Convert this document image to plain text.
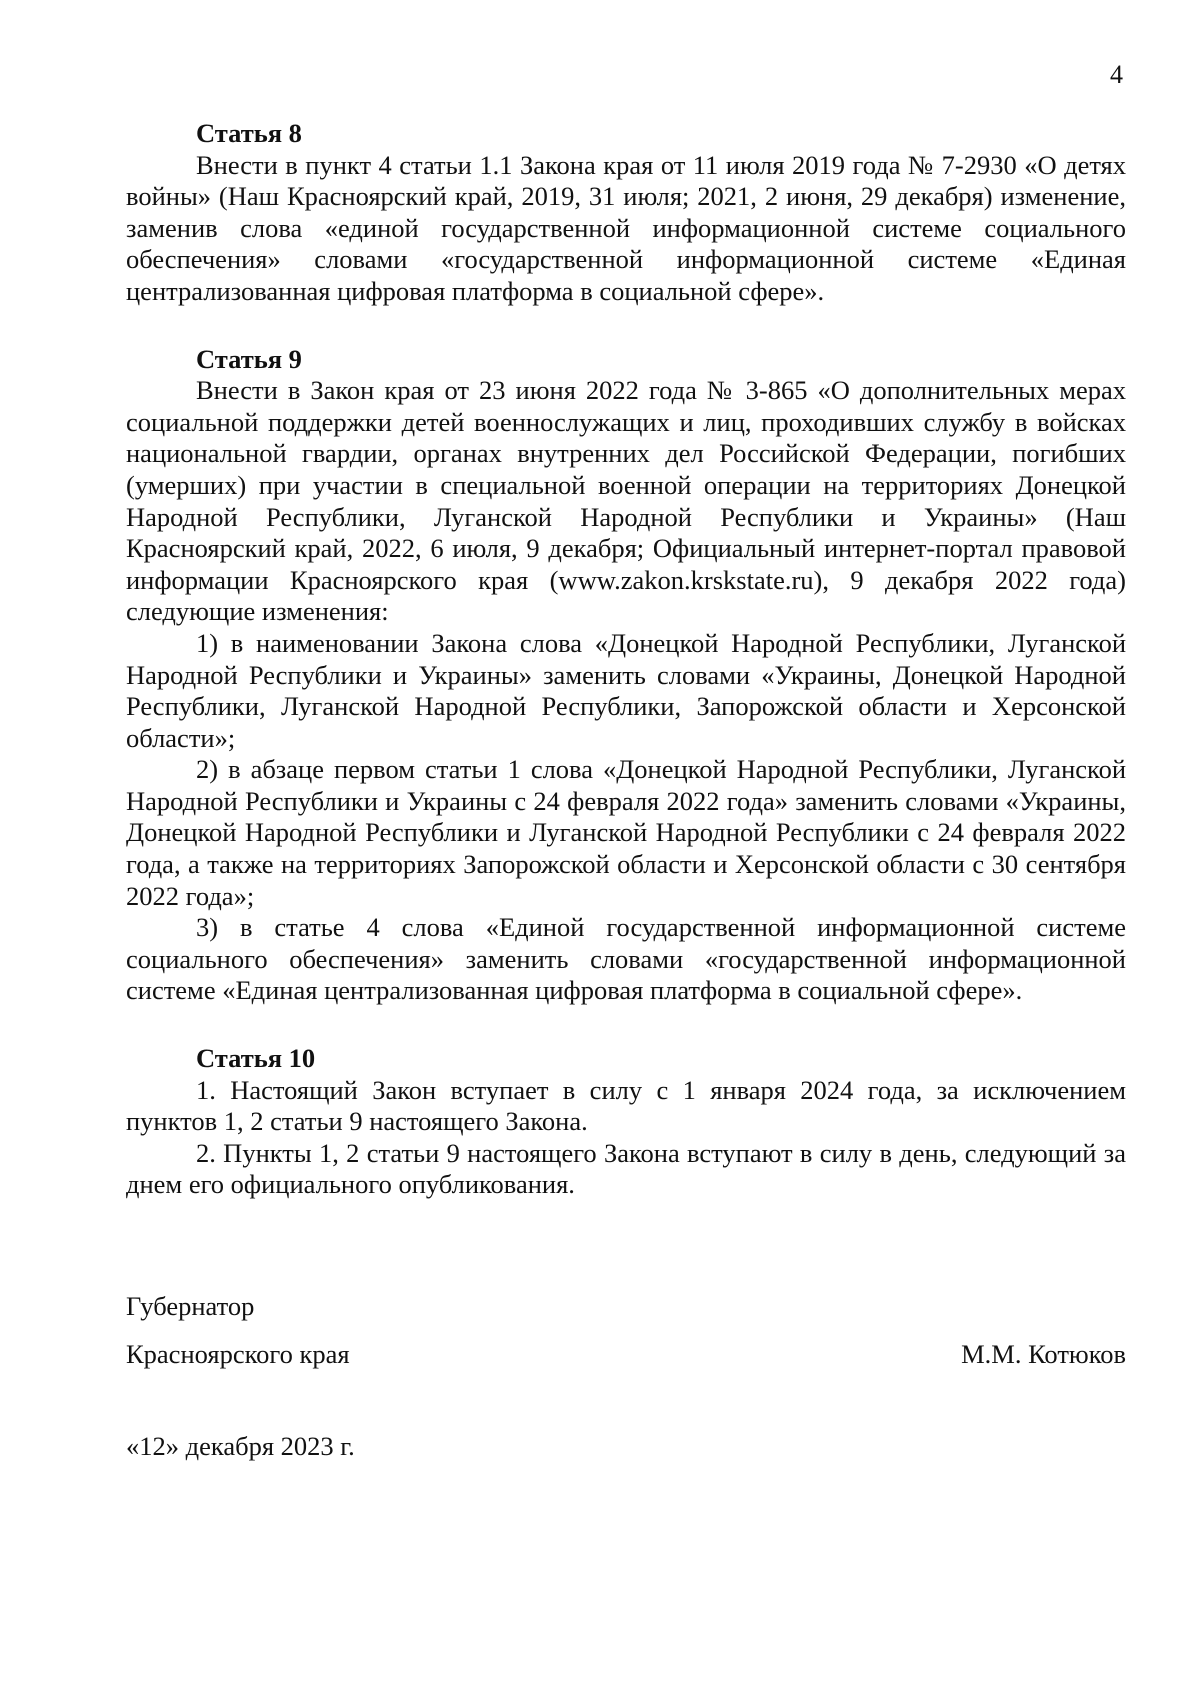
4

Статья 8

Внести в пункт 4 статьи 1.1 Закона края от 11 июля 2019 года № 7-2930 «О детях войны» (Наш Красноярский край, 2019, 31 июля; 2021, 2 июня, 29 декабря) изменение, заменив слова «единой государственной информационной системе социального обеспечения» словами «государственной информационной системе «Единая централизованная цифровая платформа в социальной сфере».

Статья 9

Внести в Закон края от 23 июня 2022 года № 3-865 «О дополнительных мерах социальной поддержки детей военнослужащих и лиц, проходивших службу в войсках национальной гвардии, органах внутренних дел Российской Федерации, погибших (умерших) при участии в специальной военной операции на территориях Донецкой Народной Республики, Луганской Народной Республики и Украины» (Наш Красноярский край, 2022, 6 июля, 9 декабря; Официальный интернет-портал правовой информации Красноярского края (www.zakon.krskstate.ru), 9 декабря 2022 года) следующие изменения:

1) в наименовании Закона слова «Донецкой Народной Республики, Луганской Народной Республики и Украины» заменить словами «Украины, Донецкой Народной Республики, Луганской Народной Республики, Запорожской области и Херсонской области»;

2) в абзаце первом статьи 1 слова «Донецкой Народной Республики, Луганской Народной Республики и Украины с 24 февраля 2022 года» заменить словами «Украины, Донецкой Народной Республики и Луганской Народной Республики с 24 февраля 2022 года, а также на территориях Запорожской области и Херсонской области с 30 сентября 2022 года»;

3) в статье 4 слова «Единой государственной информационной системе социального обеспечения» заменить словами «государственной информационной системе «Единая централизованная цифровая платформа в социальной сфере».

Статья 10

1. Настоящий Закон вступает в силу с 1 января 2024 года, за исключением пунктов 1, 2 статьи 9 настоящего Закона.

2. Пункты 1, 2 статьи 9 настоящего Закона вступают в силу в день, следующий за днем его официального опубликования.

Губернатор
Красноярского края	М.М. Котюков
«12» декабря 2023 г.
